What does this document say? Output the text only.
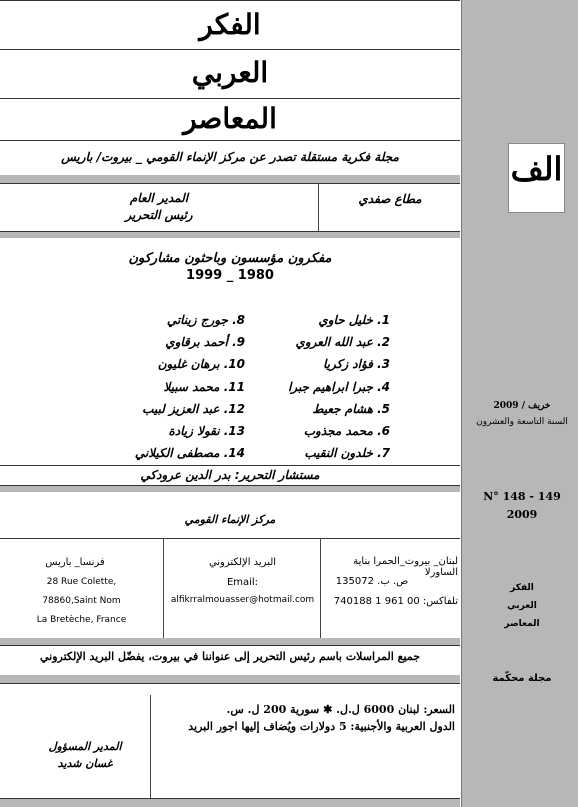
الفكر
العربي
المعاصر
مجلة فكرية مستقلة تصدر عن مركز الإنماء القومي _ بيروت/ باريس
مطاع صفدي
المدير العام
رئيس التحرير
مفكرون مؤسسون وباحثون مشاركون
1980 _ 1999
1. خليل حاوي
2. عبد الله العروي
3. فؤاد زكريا
4. جبرا ابراهيم جبرا
5. هشام جعيط
6. محمد مجذوب
7. خلدون النقيب
8. جورج زيناتي
9. أحمد برقاوي
10. برهان غليون
11. محمد سبيلا
12. عبد العزيز لبيب
13. نقولا زيادة
14. مصطفى الكيلاني
مستشار التحرير: بدر الدين عرودكي
مركز الإنماء القومي
لبنان_ بيروت_الحمرا بناية الساورلا
ص. ب. 135072
تلفاكس: 00 961 1 740188
البريد الإلكتروني
Email:
alfikrralmouasser@hotmail.com
فرنسا_ باريس
28 Rue Colette,
78860,Saint Nom
La Bretèche, France
جميع المراسلات باسم رئيس التحرير إلى عنواننا في بيروت، يفضّل البريد الإلكتروني
السعر: لبنان 6000 ل.ل. ✱ سورية 200 ل. س.
الدول العربية والأجنبية: 5 دولارات ويُضاف إليها اجور البريد
المدير المسؤول
غسان شديد
الف
خريف / 2009
السنة التاسعة والعشرون
N° 148 - 149
2009
الفكر
العربي
المعاصر
مجلة محكّمة
